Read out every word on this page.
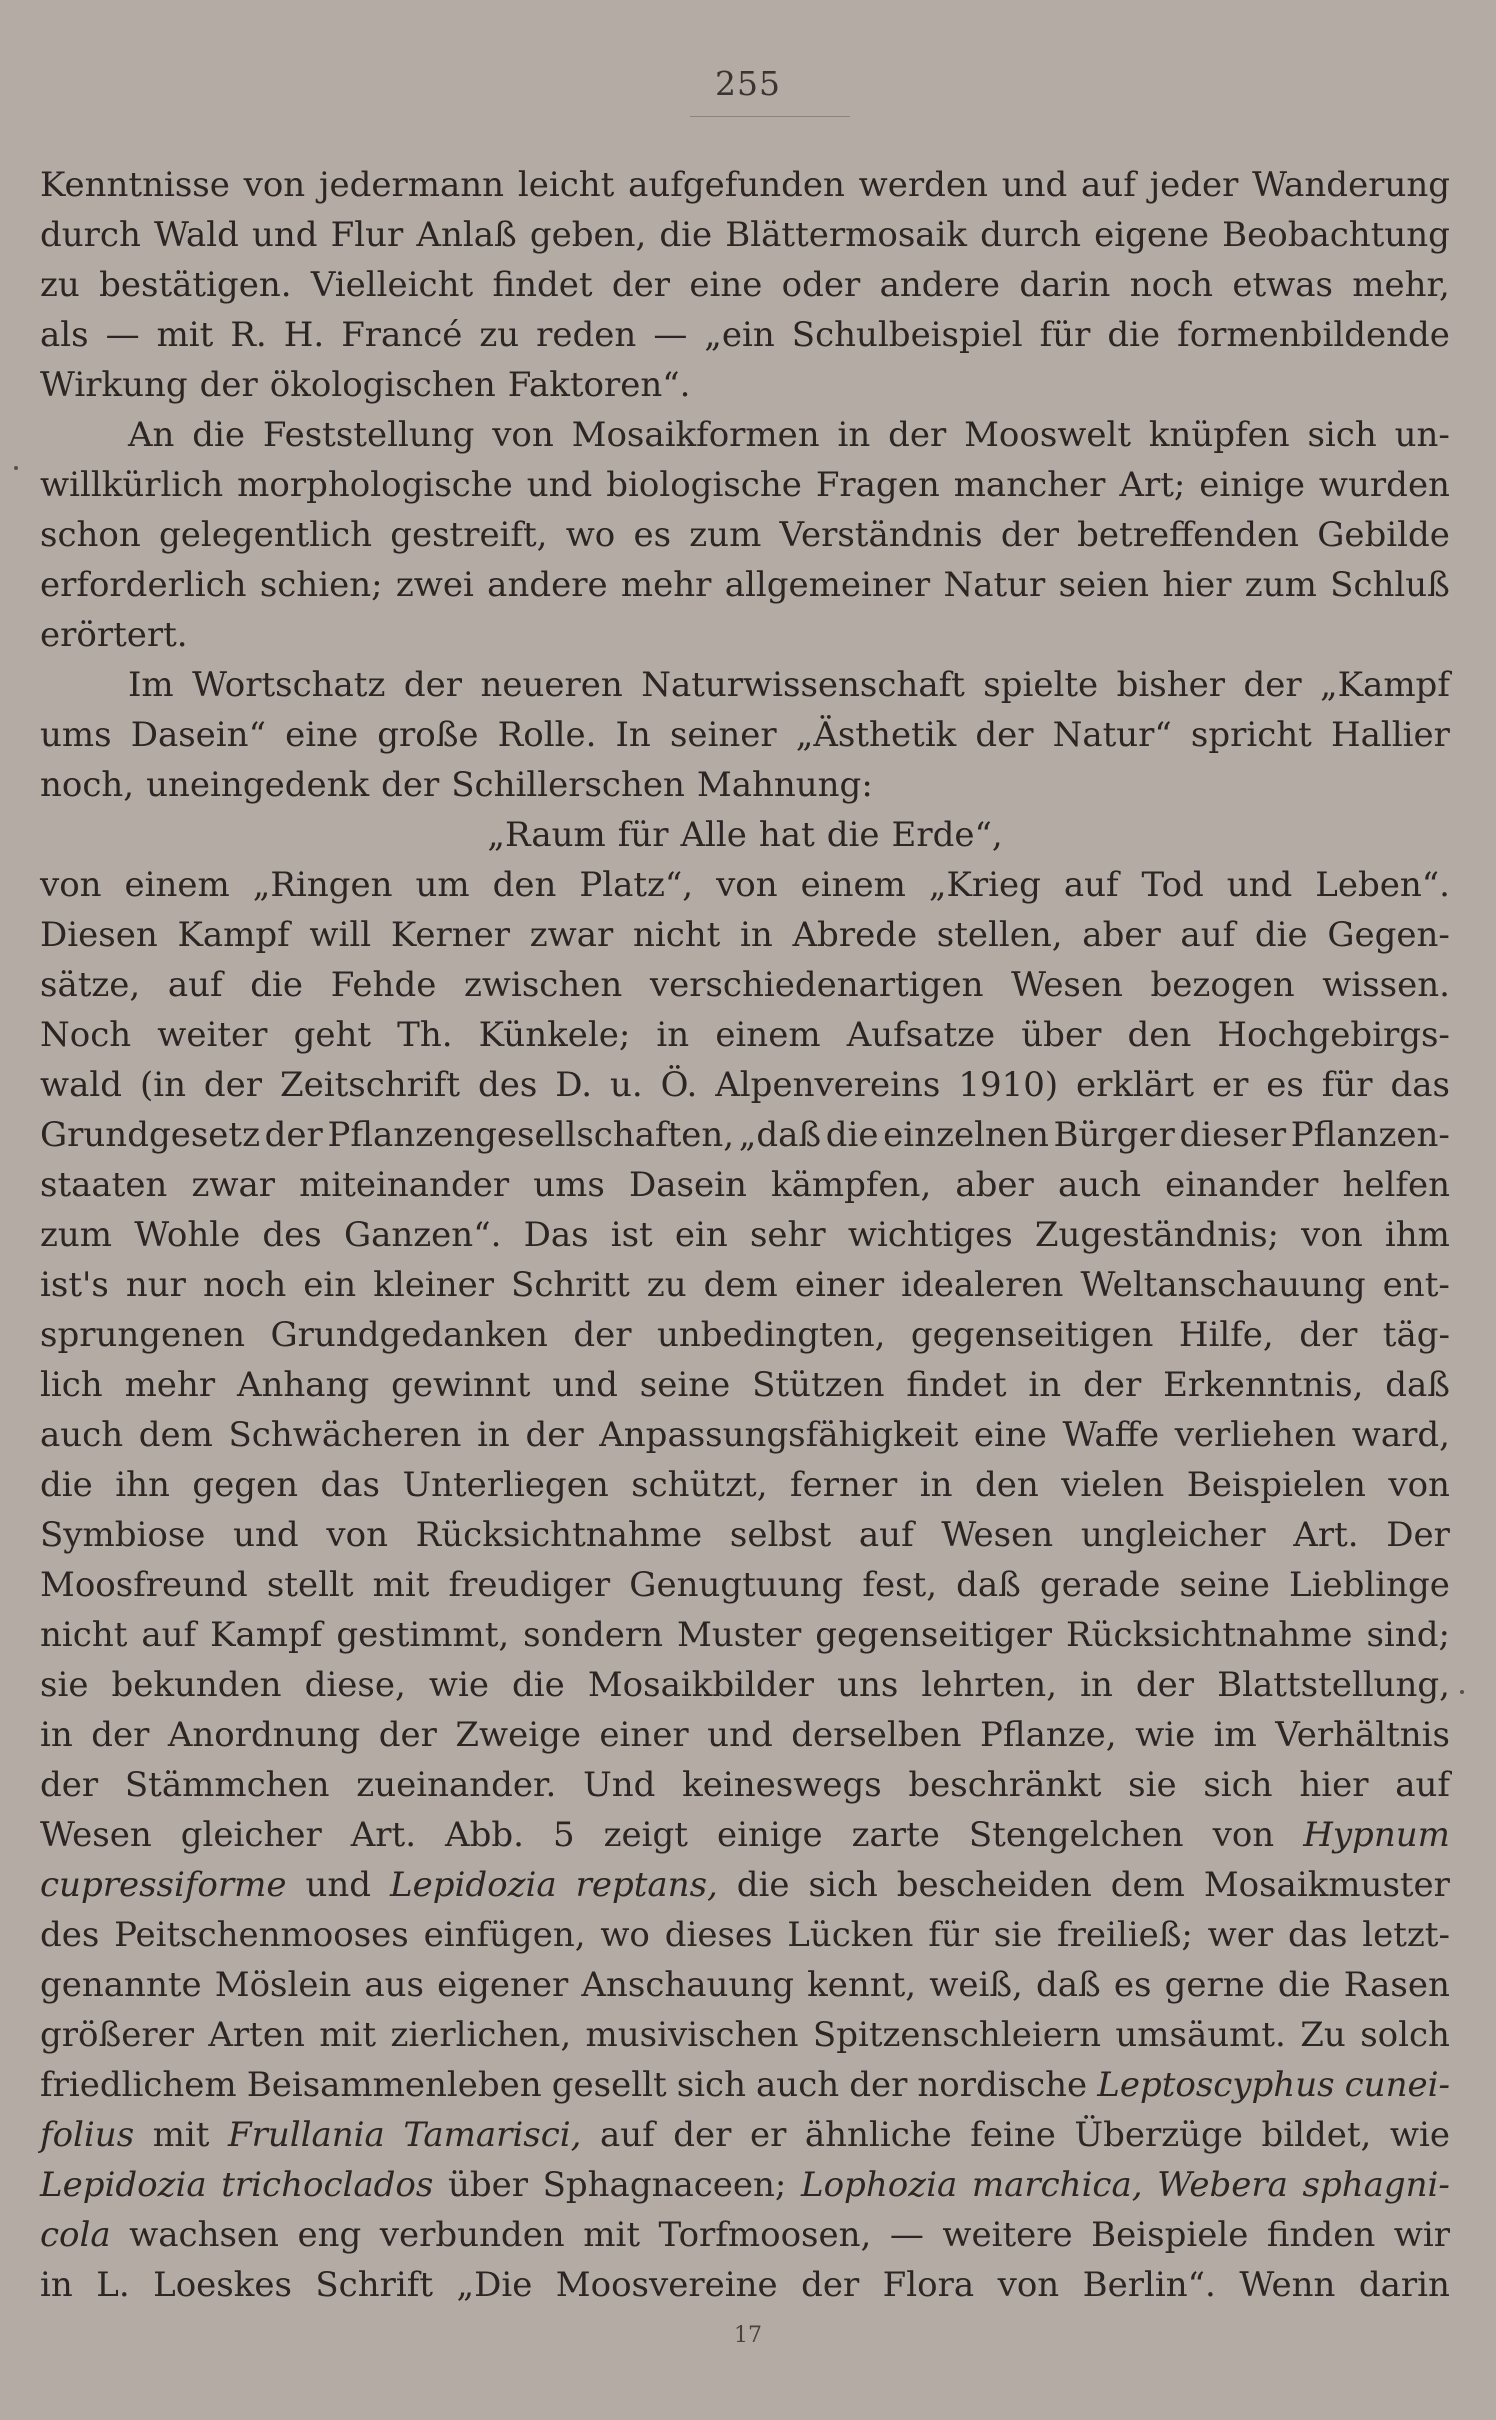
255
Kenntnisse von jedermann leicht aufgefunden werden und auf jeder Wanderung
durch Wald und Flur Anlaß geben, die Blättermosaik durch eigene Beobachtung
zu bestätigen. Vielleicht findet der eine oder andere darin noch etwas mehr,
als — mit R. H. Francé zu reden — „ein Schulbeispiel für die formenbildende
Wirkung der ökologischen Faktoren“.
An die Feststellung von Mosaikformen in der Mooswelt knüpfen sich un-
willkürlich morphologische und biologische Fragen mancher Art; einige wurden
schon gelegentlich gestreift, wo es zum Verständnis der betreffenden Gebilde
erforderlich schien; zwei andere mehr allgemeiner Natur seien hier zum Schluß
erörtert.
Im Wortschatz der neueren Naturwissenschaft spielte bisher der „Kampf
ums Dasein“ eine große Rolle. In seiner „Ästhetik der Natur“ spricht Hallier
noch, uneingedenk der Schillerschen Mahnung:
„Raum für Alle hat die Erde“,
von einem „Ringen um den Platz“, von einem „Krieg auf Tod und Leben“.
Diesen Kampf will Kerner zwar nicht in Abrede stellen, aber auf die Gegen-
sätze, auf die Fehde zwischen verschiedenartigen Wesen bezogen wissen.
Noch weiter geht Th. Künkele; in einem Aufsatze über den Hochgebirgs-
wald (in der Zeitschrift des D. u. Ö. Alpenvereins 1910) erklärt er es für das
Grundgesetz der Pflanzengesellschaften, „daß die einzelnen Bürger dieser Pflanzen-
staaten zwar miteinander ums Dasein kämpfen, aber auch einander helfen
zum Wohle des Ganzen“. Das ist ein sehr wichtiges Zugeständnis; von ihm
ist's nur noch ein kleiner Schritt zu dem einer idealeren Weltanschauung ent-
sprungenen Grundgedanken der unbedingten, gegenseitigen Hilfe, der täg-
lich mehr Anhang gewinnt und seine Stützen findet in der Erkenntnis, daß
auch dem Schwächeren in der Anpassungsfähigkeit eine Waffe verliehen ward,
die ihn gegen das Unterliegen schützt, ferner in den vielen Beispielen von
Symbiose und von Rücksichtnahme selbst auf Wesen ungleicher Art. Der
Moosfreund stellt mit freudiger Genugtuung fest, daß gerade seine Lieblinge
nicht auf Kampf gestimmt, sondern Muster gegenseitiger Rücksichtnahme sind;
sie bekunden diese, wie die Mosaikbilder uns lehrten, in der Blattstellung,
in der Anordnung der Zweige einer und derselben Pflanze, wie im Verhältnis
der Stämmchen zueinander. Und keineswegs beschränkt sie sich hier auf
Wesen gleicher Art. Abb. 5 zeigt einige zarte Stengelchen von Hypnum
cupressiforme und Lepidozia reptans, die sich bescheiden dem Mosaikmuster
des Peitschenmooses einfügen, wo dieses Lücken für sie freiließ; wer das letzt-
genannte Möslein aus eigener Anschauung kennt, weiß, daß es gerne die Rasen
größerer Arten mit zierlichen, musivischen Spitzenschleiern umsäumt. Zu solch
friedlichem Beisammenleben gesellt sich auch der nordische Leptoscyphus cunei-
folius mit Frullania Tamarisci, auf der er ähnliche feine Überzüge bildet, wie
Lepidozia trichoclados über Sphagnaceen; Lophozia marchica, Webera sphagni-
cola wachsen eng verbunden mit Torfmoosen, — weitere Beispiele finden wir
in L. Loeskes Schrift „Die Moosvereine der Flora von Berlin“. Wenn darin
17
